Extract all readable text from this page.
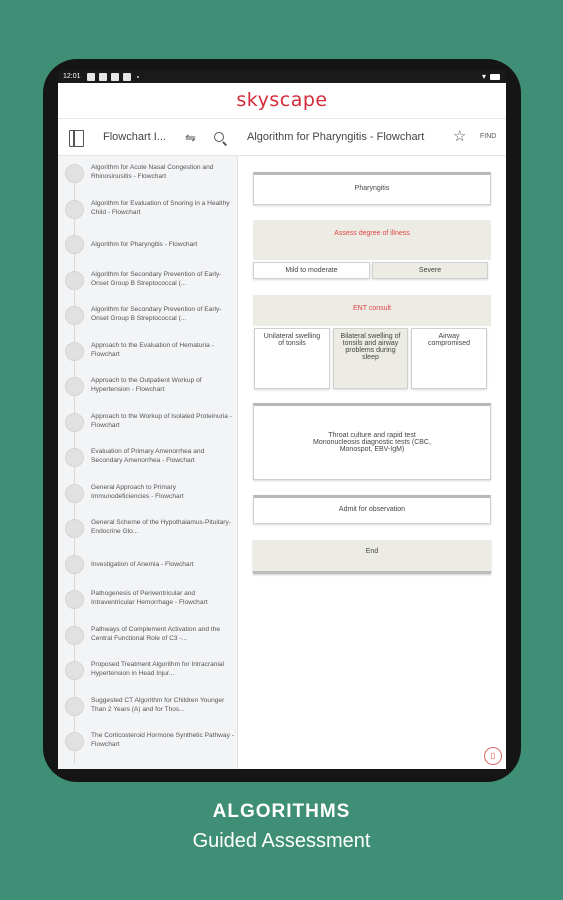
12:01	▾
skyscape
Flowchart I... ⇋
Algorithm for Acute Nasal Congestion and Rhinosinusitis - Flowchart
Algorithm for Evaluation of Snoring in a Healthy Child - Flowchart
Algorithm for Pharyngitis - Flowchart
Algorithm for Secondary Prevention of Early-Onset Group B Streptococcal (...
Algorithm for Secondary Prevention of Early-Onset Group B Streptococcal (...
Approach to the Evaluation of Hematuria - Flowchart
Approach to the Outpatient Workup of Hypertension - Flowchart
Approach to the Workup of Isolated Proteinuria - Flowchart
Evaluation of Primary Amenorrhea and Secondary Amenorrhea - Flowchart
General Approach to Primary Immunodeficiencies - Flowchart
General Scheme of the Hypothalamus-Pituitary-Endocrine Glo...
Investigation of Anemia - Flowchart
Pathogenesis of Periventricular and Intraventricular Hemorrhage - Flowchart
Pathways of Complement Activation and the Central Functional Role of C3 -...
Proposed Treatment Algorithm for Intracranial Hypertension in Head Injur...
Suggested CT Algorithm for Children Younger Than 2 Years (A) and for Thos...
The Corticosteroid Hormone Synthetic Pathway - Flowchart
Algorithm for Pharyngitis - Flowchart ☆ FIND
Pharyngitis
Assess degree of illness
Mild to moderate	Severe
ENT consult
Unilateral swelling of tonsils
Bilateral swelling of tonsils and airway problems during sleep
Airway compromised
Throat culture and rapid test Mononucleosis diagnostic tests (CBC, Monospot, EBV-IgM)
Admit for observation
End
▯
ALGORITHMS
Guided Assessment
